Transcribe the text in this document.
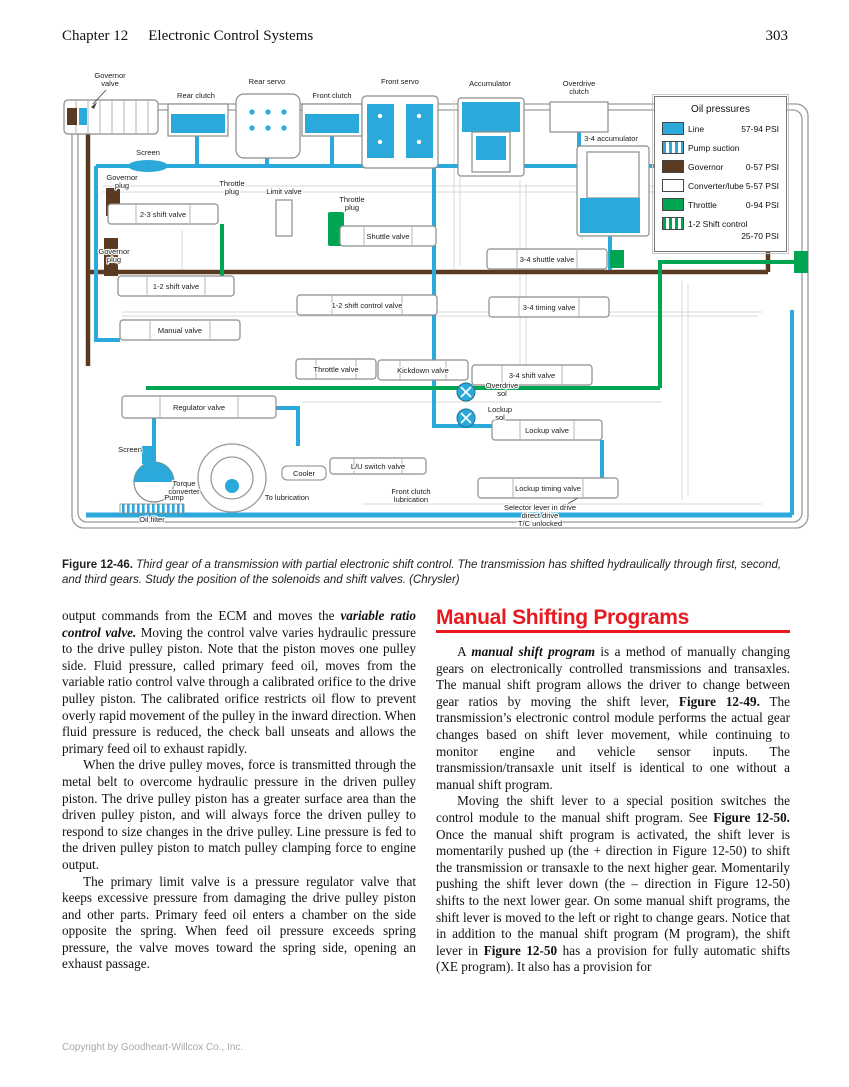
Chapter 12 Electronic Control Systems	303
Governor valve
Rear clutch
Rear servo
Front clutch
Front servo	Accumulator	Overdrive clutch
Screen
3-4 accumulator
Governor plug	Throttle plug	Limit valve
2-3 shift valve
Throttle plug
Shuttle valve
3-4 shuttle valve
Governor plug
1-2 shift valve
1-2 shift control valve	3-4 timing valve
Manual valve
Throttle valve	Kickdown valve
3-4 shift valve
Overdrive sol
Regulator valve	Lockup sol
Lockup valve
Screen
L/U switch valve
Cooler
Lockup timing valve
Torque converter
To lubrication
Front clutch lubrication
Pump
Oil filter
Selector lever in drive direct drive T/C unlocked
Oil pressures
Line	57-94 PSI
Pump suction
Governor	0-57 PSI
Converter/lube 5-57 PSI
Throttle	0-94 PSI
1-2 Shift control
25-70 PSI

Figure 12-46. Third gear of a transmission with partial electronic shift control. The transmission has shifted hydraulically through first, second, and third gears. Study the position of the solenoids and shift valves. (Chrysler)

output commands from the ECM and moves the variable ratio control valve. Moving the control valve varies hydraulic pressure to the drive pulley piston. Note that the piston moves one pulley side. Fluid pressure, called primary feed oil, moves from the variable ratio control valve through a calibrated orifice to the drive pulley piston. The calibrated orifice restricts oil flow to prevent overly rapid movement of the pulley in the inward direction. When fluid pressure is reduced, the check ball unseats and allows the primary feed oil to exhaust rapidly.

When the drive pulley moves, force is transmitted through the metal belt to overcome hydraulic pressure in the driven pulley piston. The drive pulley piston has a greater surface area than the driven pulley piston, and will always force the driven pulley to respond to size changes in the drive pulley. Line pressure is fed to the driven pulley piston to match pulley clamping force to engine output.

The primary limit valve is a pressure regulator valve that keeps excessive pressure from damaging the drive pulley piston and other parts. Primary feed oil enters a chamber on the side opposite the spring. When feed oil pressure exceeds spring pressure, the valve moves toward the spring side, opening an exhaust passage.

Manual Shifting Programs

A manual shift program is a method of manually changing gears on electronically controlled transmissions and transaxles. The manual shift program allows the driver to change between gear ratios by moving the shift lever, Figure 12-49. The transmission’s electronic control module performs the actual gear changes based on shift lever movement, while continuing to monitor engine and vehicle sensor inputs. The transmission/transaxle unit itself is identical to one without a manual shift program.

Moving the shift lever to a special position switches the control module to the manual shift program. See Figure 12-50. Once the manual shift program is activated, the shift lever is momentarily pushed up (the + direction in Figure 12-50) to shift the transmission or transaxle to the next higher gear. Momentarily pushing the shift lever down (the – direction in Figure 12-50) shifts to the next lower gear. On some manual shift programs, the shift lever is moved to the left or right to change gears. Notice that in addition to the manual shift program (M program), the shift lever in Figure 12-50 has a provision for fully automatic shifts (XE program). It also has a provision for

Copyright by Goodheart-Willcox Co., Inc.
